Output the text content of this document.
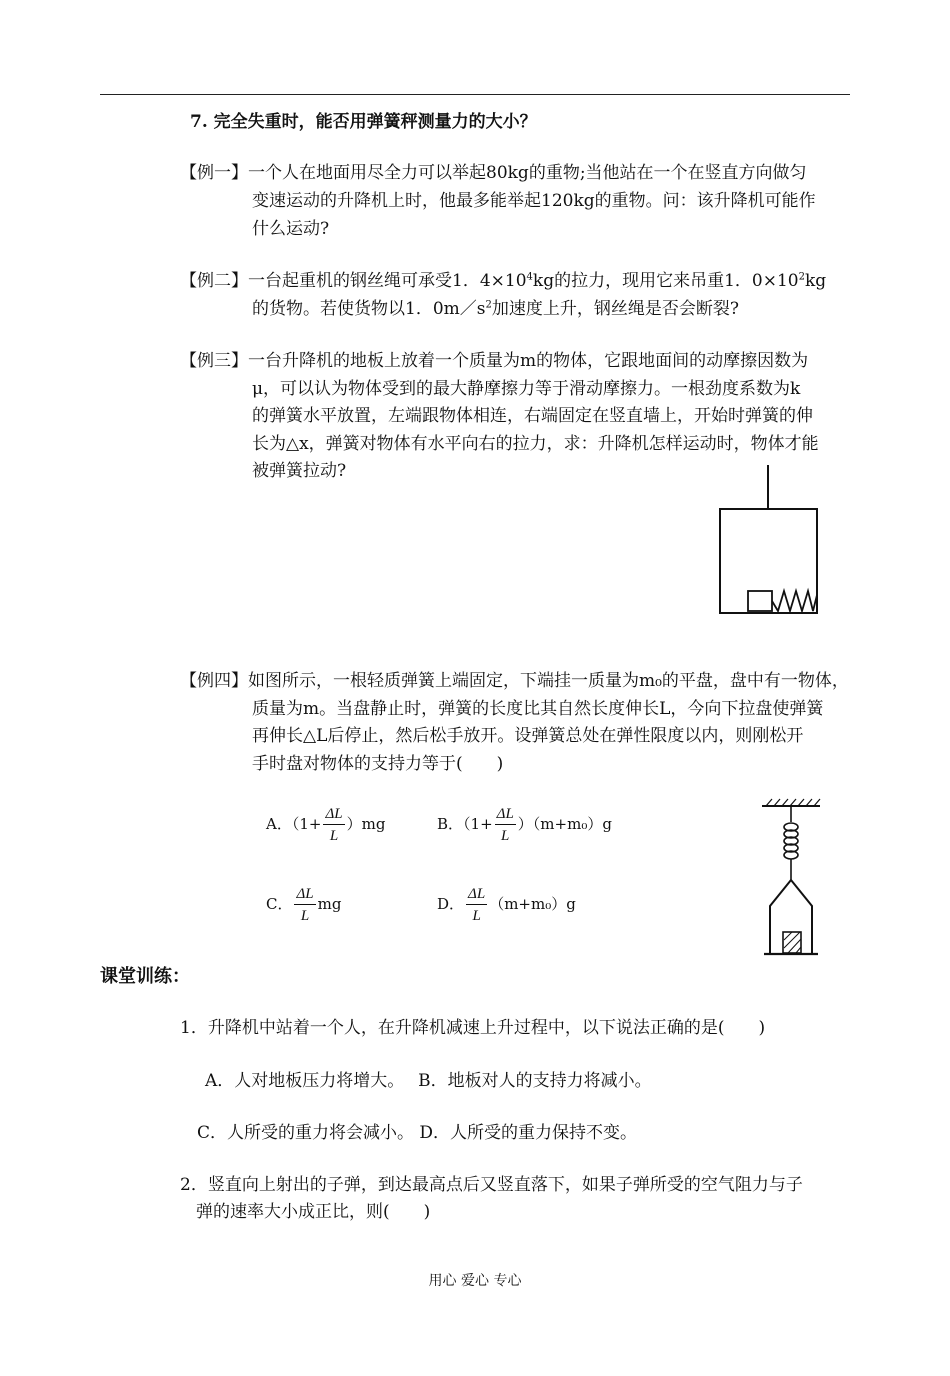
7. 完全失重时，能否用弹簧秤测量力的大小？
【例一】一个人在地面用尽全力可以举起80kg的重物;当他站在一个在竖直方向做匀
变速运动的升降机上时，他最多能举起120kg的重物。问：该升降机可能作
什么运动?
【例二】一台起重机的钢丝绳可承受1．$4\times 10^4kg$的拉力，现用它来吊重1．$0\times 10^2kg$
的货物。若使货物以1．$0m/s^2$加速度上升，钢丝绳是否会断裂?
【例三】一台升降机的地板上放着一个质量为m的物体，它跟地面间的动摩擦因数为
μ，可以认为物体受到的最大静摩擦力等于滑动摩擦力。一根劲度系数为k
的弹簧水平放置，左端跟物体相连，右端固定在竖直墙上，开始时弹簧的伸
长为△x，弹簧对物体有水平向右的拉力，求：升降机怎样运动时，物体才能
被弹簧拉动?
【例四】如图所示，一根轻质弹簧上端固定，下端挂一质量为m₀的平盘，盘中有一物体，
质量为m。当盘静止时，弹簧的长度比其自然长度伸长L，今向下拉盘使弹簧
再伸长△L后停止，然后松手放开。设弹簧总处在弹性限度以内，则刚松开
手时盘对物体的支持力等于(　　)
A．$(1+ \frac{\Delta L}{L} )mg$	B．$(1+ \frac{\Delta L}{L} )(m+m_0)g$
C． $\frac{\Delta L}{L}$ mg	D． $\frac{\Delta L}{L} (m+m_0)g$
课堂训练：
1．升降机中站着一个人，在升降机减速上升过程中，以下说法正确的是(　　)
A．人对地板压力将增大。　 B．地板对人的支持力将减小。
C．人所受的重力将会减小。 D．人所受的重力保持不变。
2．竖直向上射出的子弹，到达最高点后又竖直落下，如果子弹所受的空气阻力与子
弹的速率大小成正比，则(　　)
用心 爱心 专心
